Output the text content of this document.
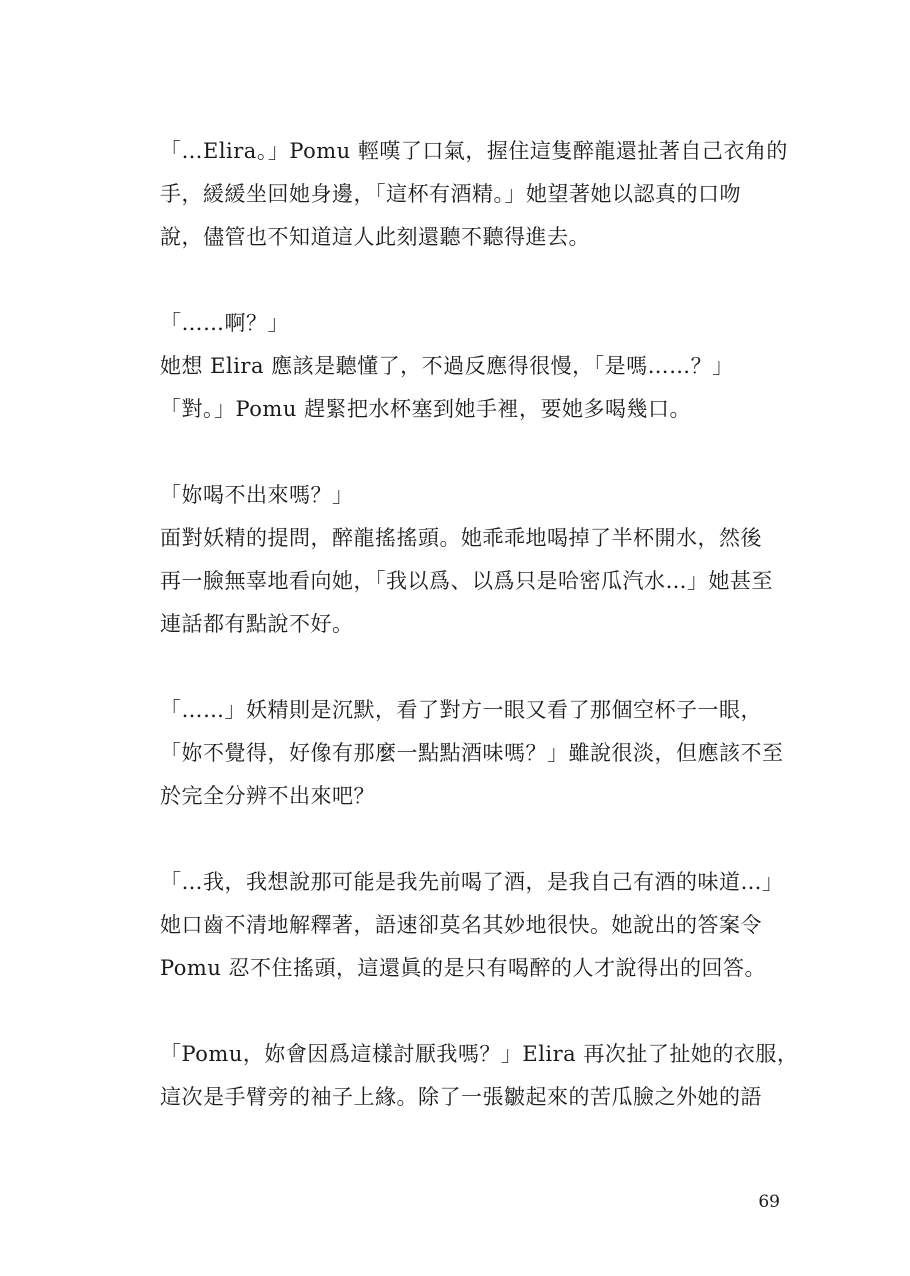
「…Elira。」Pomu 輕嘆了口氣，握住這隻醉龍還扯著自己衣角的
手，緩緩坐回她身邊，「這杯有酒精。」她望著她以認真的口吻
說，儘管也不知道這人此刻還聽不聽得進去。
「……啊？」
她想 Elira 應該是聽懂了，不過反應得很慢，「是嗎……？」
「對。」Pomu 趕緊把水杯塞到她手裡，要她多喝幾口。
「妳喝不出來嗎？」
面對妖精的提問，醉龍搖搖頭。她乖乖地喝掉了半杯開水，然後
再一臉無辜地看向她，「我以爲、以爲只是哈密瓜汽水…」她甚至
連話都有點說不好。
「……」妖精則是沉默，看了對方一眼又看了那個空杯子一眼，
「妳不覺得，好像有那麼一點點酒味嗎？」雖說很淡，但應該不至
於完全分辨不出來吧？
「…我，我想說那可能是我先前喝了酒，是我自己有酒的味道…」
她口齒不清地解釋著，語速卻莫名其妙地很快。她說出的答案令
Pomu 忍不住搖頭，這還眞的是只有喝醉的人才說得出的回答。
「Pomu，妳會因爲這樣討厭我嗎？」Elira 再次扯了扯她的衣服，
這次是手臂旁的袖子上緣。除了一張皺起來的苦瓜臉之外她的語
69
